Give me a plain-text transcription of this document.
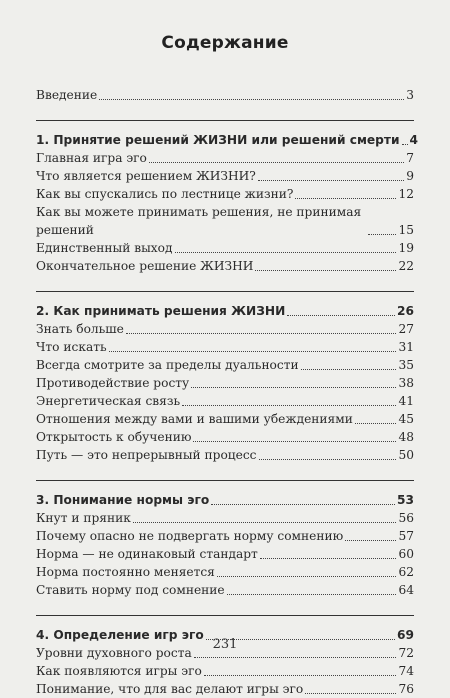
Содержание
Введение	3
1. Принятие решений ЖИЗНИ или решений смерти 4
Главная игра эго	7
Что является решением ЖИЗНИ?	9
Как вы спускались по лестнице жизни?	12
Как вы можете принимать решения, не принимая решений	15
Единственный выход	19
Окончательное решение ЖИЗНИ	22
2. Как принимать решения ЖИЗНИ	26
Знать больше	27
Что искать	31
Всегда смотрите за пределы дуальности	35
Противодействие росту	38
Энергетическая связь	41
Отношения между вами и вашими убеждениями	45
Открытость к обучению	48
Путь — это непрерывный процесс	50
3. Понимание нормы эго	53
Кнут и пряник	56
Почему опасно не подвергать норму сомнению	57
Норма — не одинаковый стандарт	60
Норма постоянно меняется	62
Ставить норму под сомнение	64
4. Определение игр эго	69
Уровни духовного роста	72
Как появляются игры эго	74
Понимание, что для вас делают игры эго	76
231
